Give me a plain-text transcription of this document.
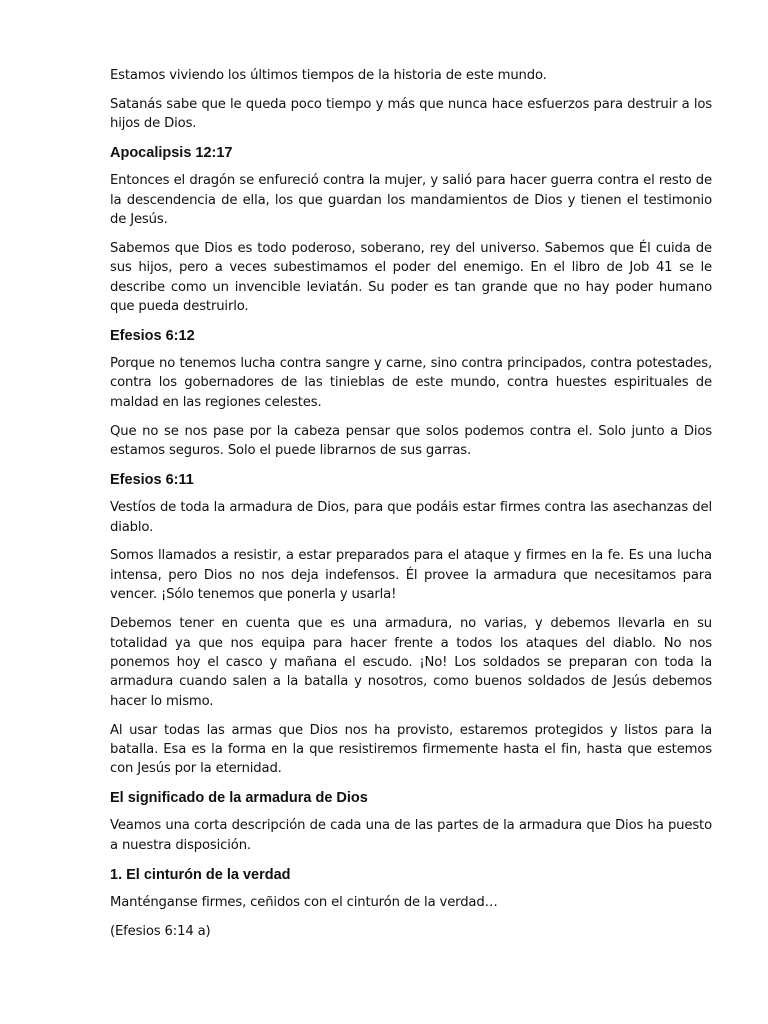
Estamos viviendo los últimos tiempos de la historia de este mundo.

Satanás sabe que le queda poco tiempo y más que nunca hace esfuerzos para destruir a los hijos de Dios.

Apocalipsis 12:17

Entonces el dragón se enfureció contra la mujer, y salió para hacer guerra contra el resto de la descendencia de ella, los que guardan los mandamientos de Dios y tienen el testimonio de Jesús.

Sabemos que Dios es todo poderoso, soberano, rey del universo. Sabemos que Él cuida de sus hijos, pero a veces subestimamos el poder del enemigo. En el libro de Job 41 se le describe como un invencible leviatán. Su poder es tan grande que no hay poder humano que pueda destruirlo.

Efesios 6:12

Porque no tenemos lucha contra sangre y carne, sino contra principados, contra potestades, contra los gobernadores de las tinieblas de este mundo, contra huestes espirituales de maldad en las regiones celestes.

Que no se nos pase por la cabeza pensar que solos podemos contra el. Solo junto a Dios estamos seguros. Solo el puede librarnos de sus garras.

Efesios 6:11

Vestíos de toda la armadura de Dios, para que podáis estar firmes contra las asechanzas del diablo.

Somos llamados a resistir, a estar preparados para el ataque y firmes en la fe. Es una lucha intensa, pero Dios no nos deja indefensos. Él provee la armadura que necesitamos para vencer. ¡Sólo tenemos que ponerla y usarla!

Debemos tener en cuenta que es una armadura, no varias, y debemos llevarla en su totalidad ya que nos equipa para hacer frente a todos los ataques del diablo. No nos ponemos hoy el casco y mañana el escudo. ¡No! Los soldados se preparan con toda la armadura cuando salen a la batalla y nosotros, como buenos soldados de Jesús debemos hacer lo mismo.

Al usar todas las armas que Dios nos ha provisto, estaremos protegidos y listos para la batalla. Esa es la forma en la que resistiremos firmemente hasta el fin, hasta que estemos con Jesús por la eternidad.

El significado de la armadura de Dios

Veamos una corta descripción de cada una de las partes de la armadura que Dios ha puesto a nuestra disposición.

1. El cinturón de la verdad

Manténganse firmes, ceñidos con el cinturón de la verdad…

(Efesios 6:14 a)
